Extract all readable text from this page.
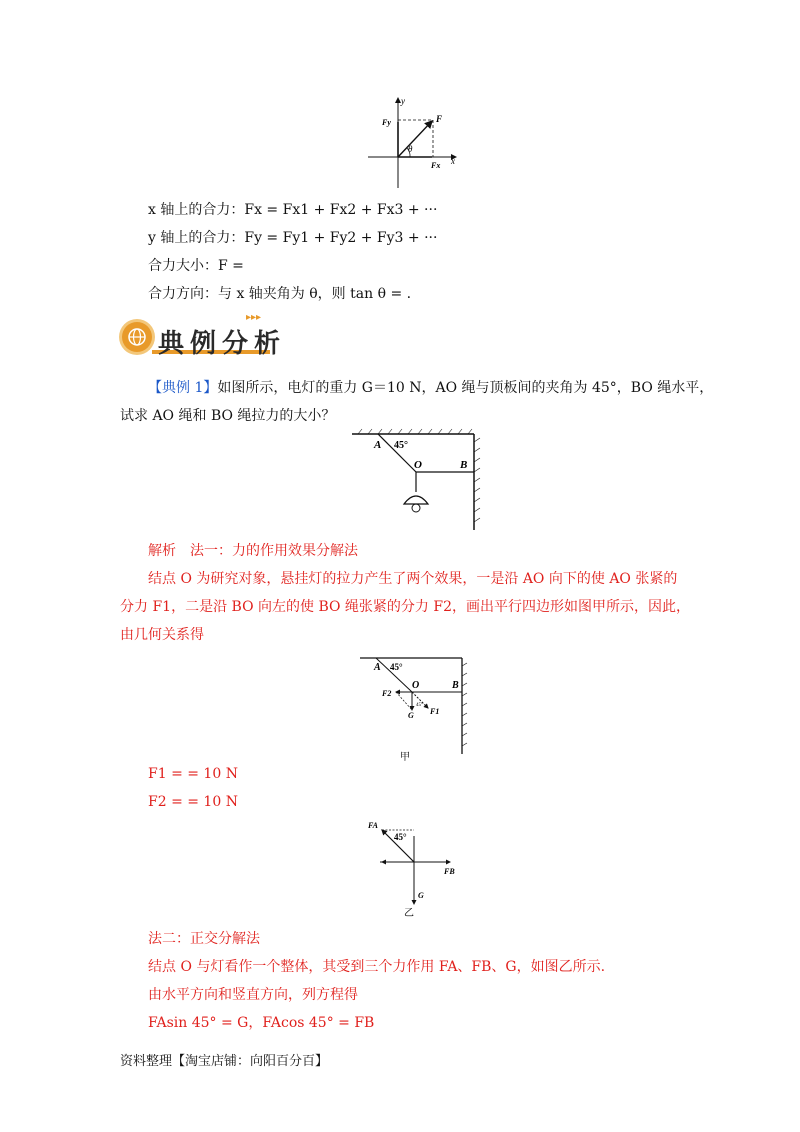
y
x
Fy
Fx
F
θ
x 轴上的合力：Fx = Fx1 + Fx2 + Fx3 + ···
y 轴上的合力：Fy = Fy1 + Fy2 + Fy3 + ···
合力大小：F =
合力方向：与 x 轴夹角为 θ，则 tan θ = .
▸▸▸
典例分析
【典例 1】如图所示，电灯的重力 G＝10 N，AO 绳与顶板间的夹角为 45°，BO 绳水平，
试求 AO 绳和 BO 绳拉力的大小？
A 45°
O	B
解析　法一：力的作用效果分解法
结点 O 为研究对象，悬挂灯的拉力产生了两个效果，一是沿 AO 向下的使 AO 张紧的
分力 F1，二是沿 BO 向左的使 BO 绳张紧的分力 F2，画出平行四边形如图甲所示，因此，
由几何关系得
A 45°
O	B
F2
45°
F1
G
甲
F1 = = 10 N
F2 = = 10 N
FA
45°
FB
G
乙
法二：正交分解法
结点 O 与灯看作一个整体，其受到三个力作用 FA、FB、G，如图乙所示.
由水平方向和竖直方向，列方程得
FAsin 45° = G，FAcos 45° = FB
资料整理【淘宝店铺：向阳百分百】
